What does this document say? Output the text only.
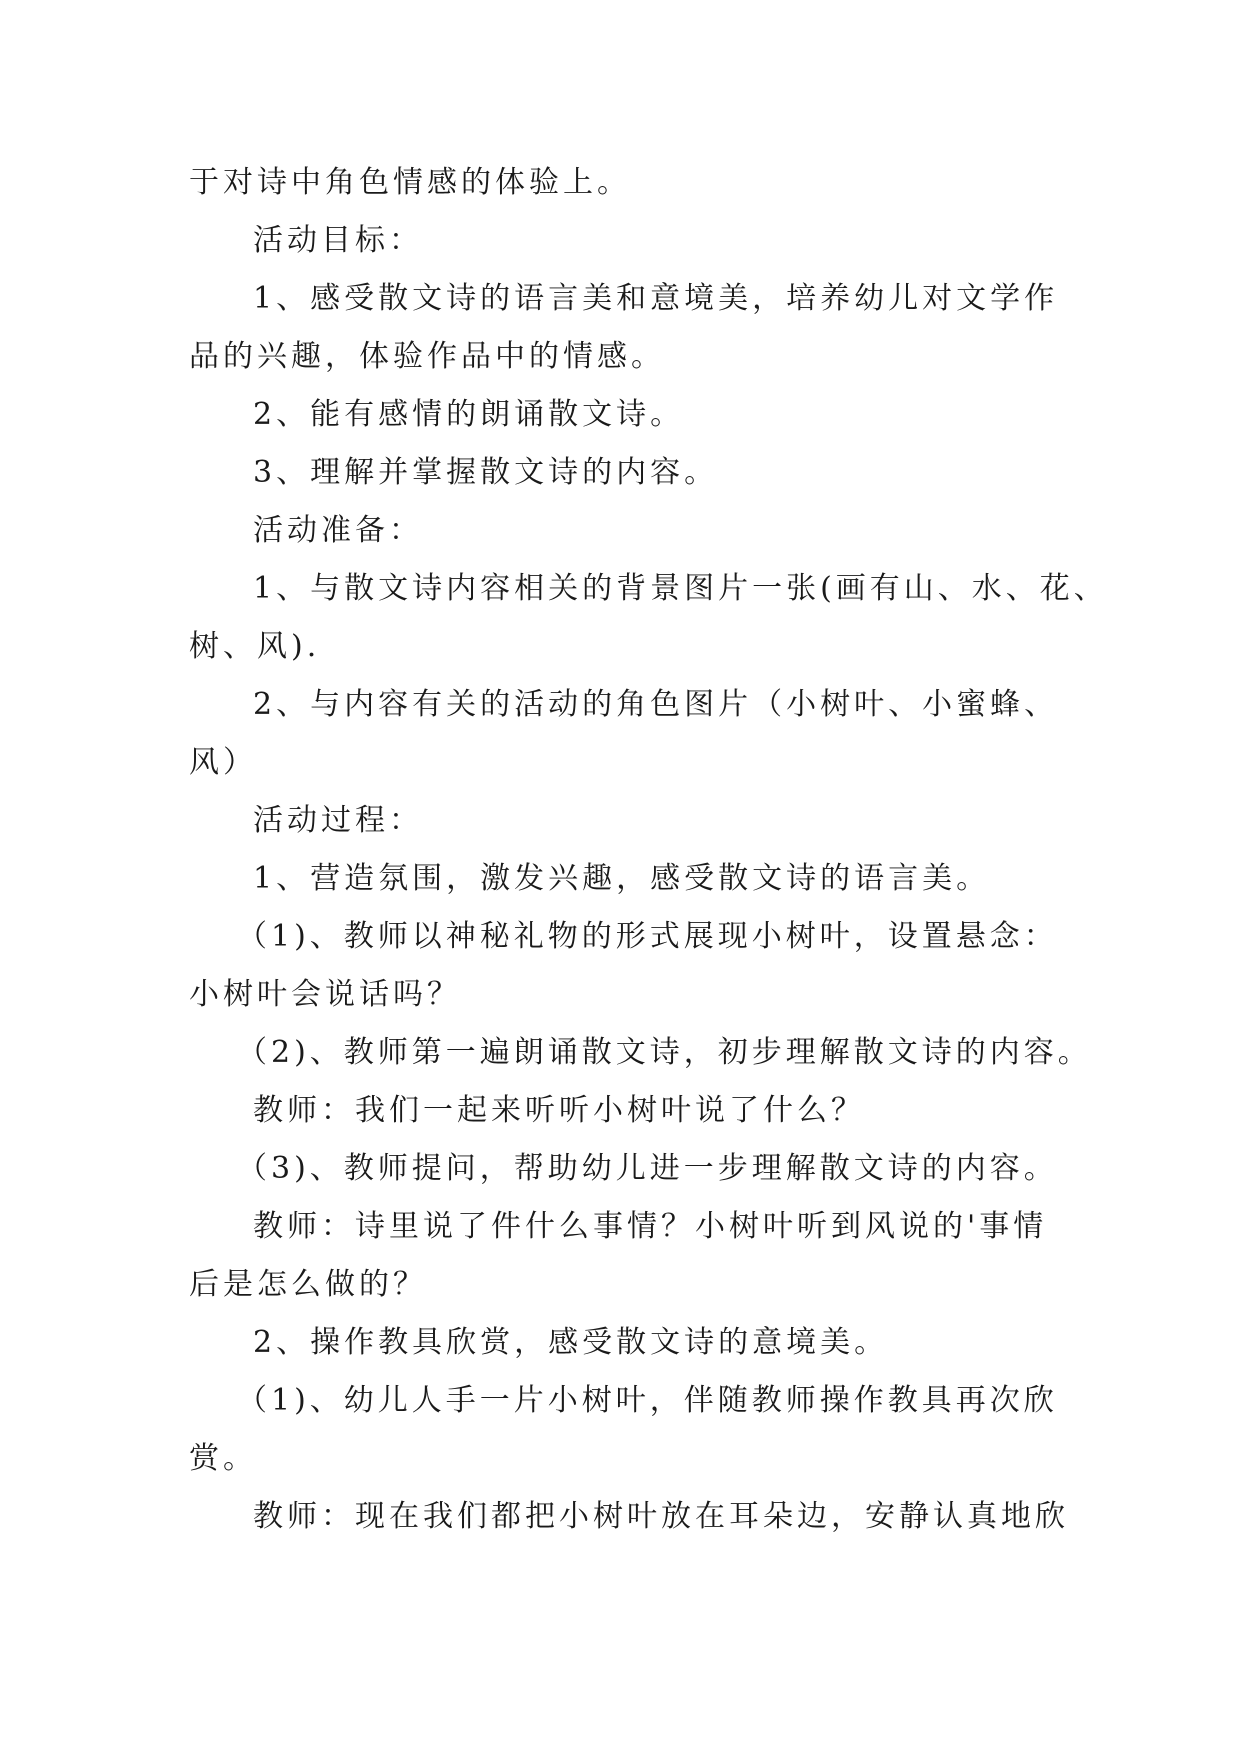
于对诗中角色情感的体验上。

活动目标：

1、感受散文诗的语言美和意境美，培养幼儿对文学作

品的兴趣，体验作品中的情感。

2、能有感情的朗诵散文诗。

3、理解并掌握散文诗的内容。

活动准备：

1、与散文诗内容相关的背景图片一张(画有山、水、花、

树、风).

2、与内容有关的活动的角色图片（小树叶、小蜜蜂、

风）

活动过程：

1、营造氛围，激发兴趣，感受散文诗的语言美。

（1)、教师以神秘礼物的形式展现小树叶，设置悬念：

小树叶会说话吗？

（2)、教师第一遍朗诵散文诗，初步理解散文诗的内容。

教师：我们一起来听听小树叶说了什么？

（3)、教师提问，帮助幼儿进一步理解散文诗的内容。

教师：诗里说了件什么事情？小树叶听到风说的'事情

后是怎么做的？

2、操作教具欣赏，感受散文诗的意境美。

（1)、幼儿人手一片小树叶，伴随教师操作教具再次欣

赏。

教师：现在我们都把小树叶放在耳朵边，安静认真地欣
